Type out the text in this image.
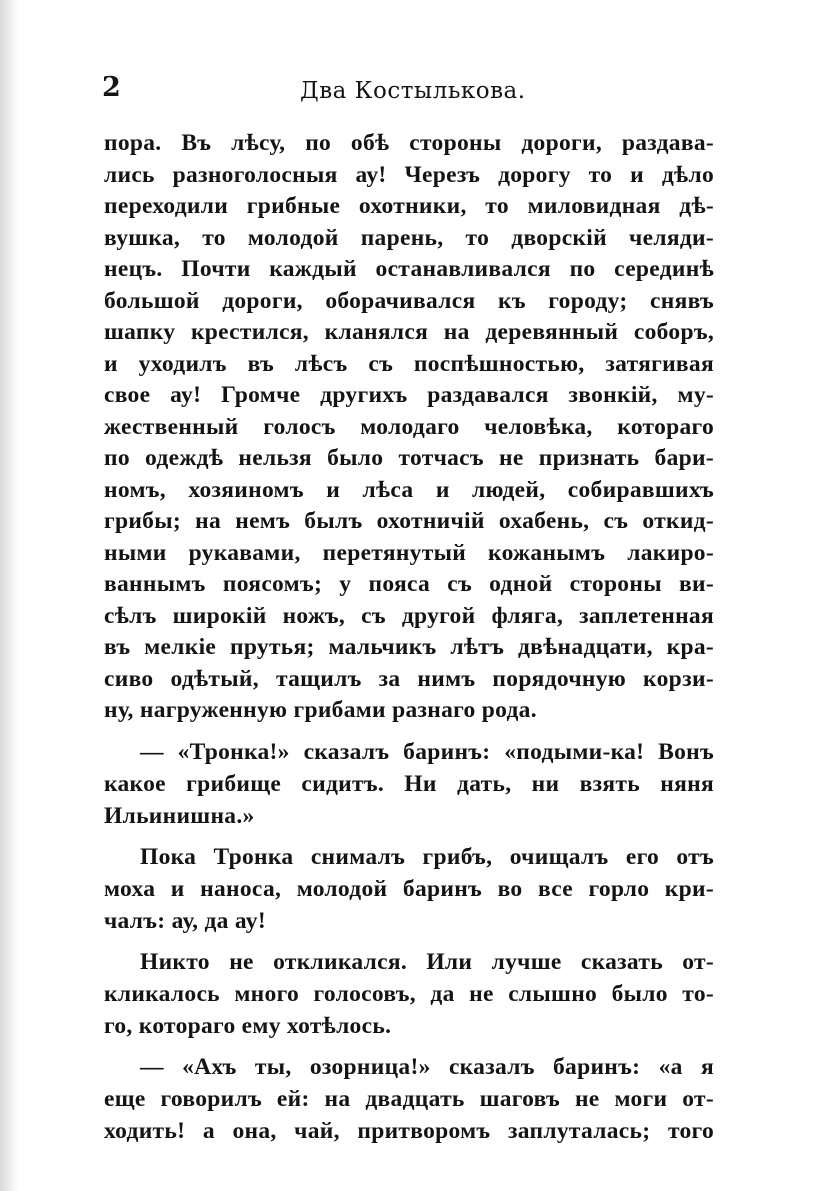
2	Два Костылькова.
пора. Въ лѣсу, по обѣ стороны дороги, раздава-
лись разноголосныя ау! Черезъ дорогу то и дѣло
переходили грибные охотники, то миловидная дѣ-
вушка, то молодой парень, то дворскій челяди-
нецъ. Почти каждый останавливался по серединѣ
большой дороги, оборачивался къ городу; снявъ
шапку крестился, кланялся на деревянный соборъ,
и уходилъ въ лѣсъ съ поспѣшностью, затягивая
свое ау! Громче другихъ раздавался звонкій, му-
жественный голосъ молодаго человѣка, котораго
по одеждѣ нельзя было тотчасъ не признать бари-
номъ, хозяиномъ и лѣса и людей, собиравшихъ
грибы; на немъ былъ охотничій охабень, съ откид-
ными рукавами, перетянутый кожанымъ лакиро-
ваннымъ поясомъ; у пояса съ одной стороны ви-
сѣлъ широкій ножъ, съ другой фляга, заплетенная
въ мелкіе прутья; мальчикъ лѣтъ двѣнадцати, кра-
сиво одѣтый, тащилъ за нимъ порядочную корзи-
ну, нагруженную грибами разнаго рода.
— «Тронка!» сказалъ баринъ: «подыми-ка! Вонъ
какое грибище сидитъ. Ни дать, ни взять няня
Ильинишна.»
Пока Тронка снималъ грибъ, очищалъ его отъ
моха и наноса, молодой баринъ во все горло кри-
чалъ: ау, да ау!
Никто не откликался. Или лучше сказать от-
кликалось много голосовъ, да не слышно было то-
го, котораго ему хотѣлось.
— «Ахъ ты, озорница!» сказалъ баринъ: «а я
еще говорилъ ей: на двадцать шаговъ не моги от-
ходить! а она, чай, притворомъ заплуталась; того
